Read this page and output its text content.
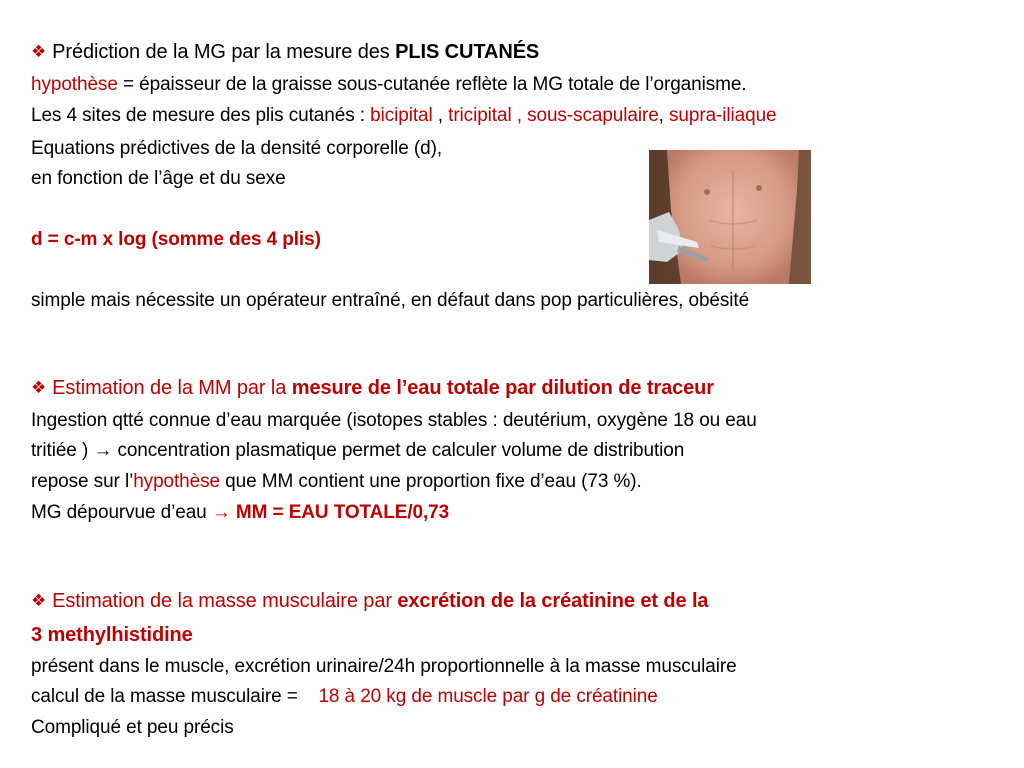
❖ Prédiction de la MG par la mesure des PLIS CUTANÉS
hypothèse = épaisseur de la graisse sous-cutanée reflète la MG totale de l’organisme.
Les 4 sites de mesure des plis cutanés : bicipital , tricipital , sous-scapulaire, supra-iliaque
Equations prédictives de la densité corporelle (d),
en fonction de l’âge et du sexe
d = c-m x log (somme des 4 plis)
simple mais nécessite un opérateur entraîné, en défaut dans pop particulières, obésité
❖ Estimation de la MM par la mesure de l’eau totale par dilution de traceur
Ingestion qtté connue d’eau marquée (isotopes stables : deutérium, oxygène 18 ou eau
tritiée ) → concentration plasmatique permet de calculer volume de distribution
repose sur l’hypothèse que MM contient une proportion fixe d’eau (73 %).
MG dépourvue d’eau → MM = EAU TOTALE/0,73
❖ Estimation de la masse musculaire par excrétion de la créatinine et de la
3 methylhistidine
présent dans le muscle, excrétion urinaire/24h proportionnelle à la masse musculaire
calcul de la masse musculaire =    18 à 20 kg de muscle par g de créatinine
Compliqué et peu précis
